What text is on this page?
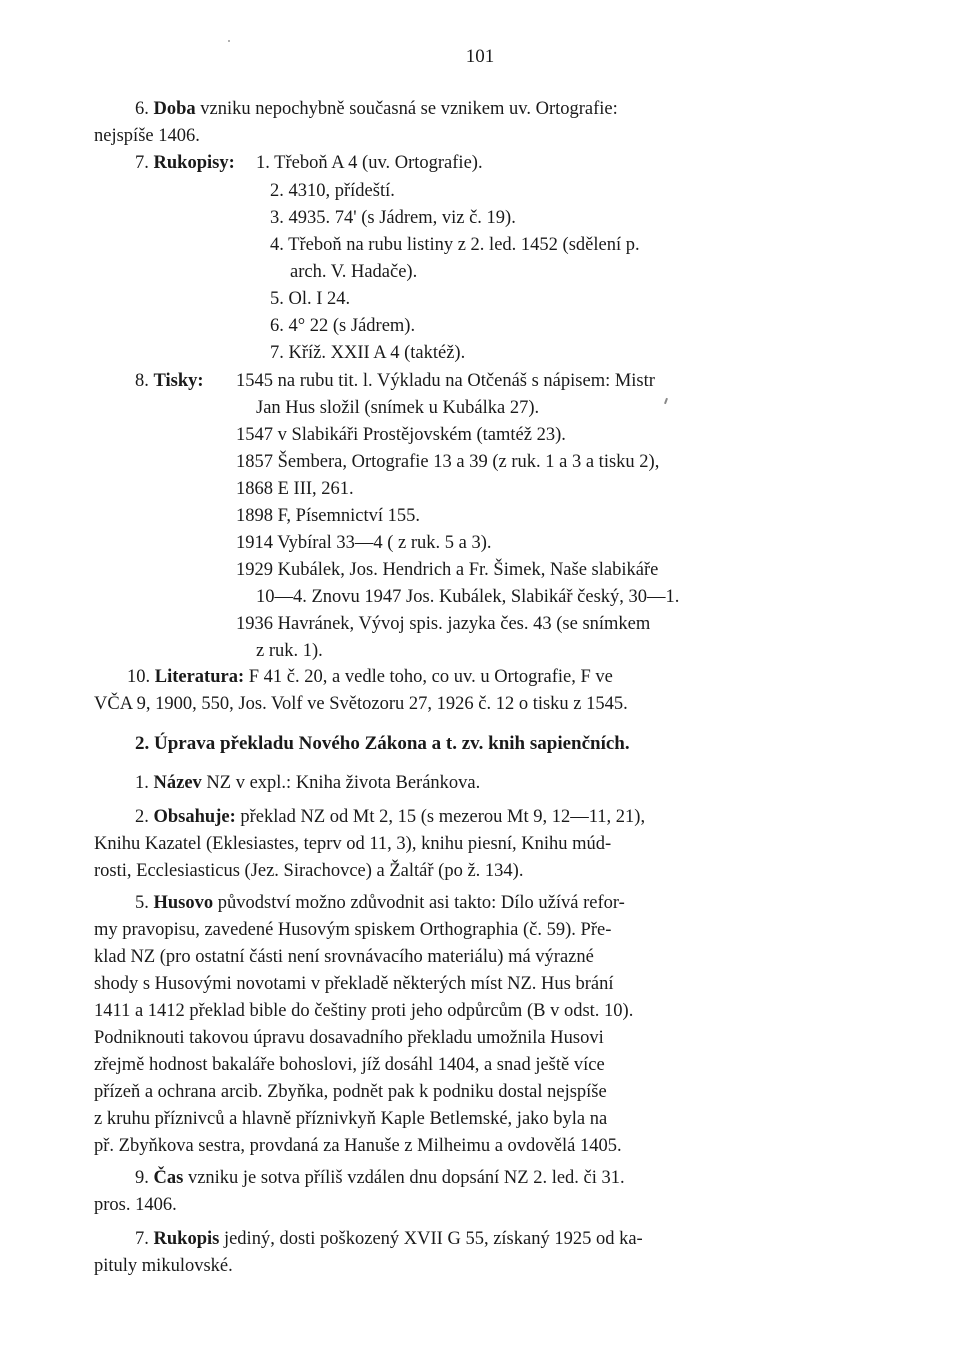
101
6. Doba vzniku nepochybně současná se vznikem uv. Ortografie:
nejspíše 1406.
7. Rukopisy: 1. Třeboň A 4 (uv. Ortografie).
2. 4310, přídeští.
3. 4935. 74' (s Jádrem, viz č. 19).
4. Třeboň na rubu listiny z 2. led. 1452 (sdělení p.
arch. V. Hadače).
5. Ol. I 24.
6. 4° 22 (s Jádrem).
7. Kříž. XXII A 4 (taktéž).
8. Tisky: 1545 na rubu tit. l. Výkladu na Otčenáš s nápisem: Mistr
Jan Hus složil (snímek u Kubálka 27).
1547 v Slabikáři Prostějovském (tamtéž 23).
1857 Šembera, Ortografie 13 a 39 (z ruk. 1 a 3 a tisku 2),
1868 E III, 261.
1898 F, Písemnictví 155.
1914 Vybíral 33—4 ( z ruk. 5 a 3).
1929 Kubálek, Jos. Hendrich a Fr. Šimek, Naše slabikáře
10—4. Znovu 1947 Jos. Kubálek, Slabikář český, 30—1.
1936 Havránek, Vývoj spis. jazyka čes. 43 (se snímkem
z ruk. 1).
10. Literatura: F 41 č. 20, a vedle toho, co uv. u Ortografie, F ve
VČA 9, 1900, 550, Jos. Volf ve Světozoru 27, 1926 č. 12 o tisku z 1545.
2. Úprava překladu Nového Zákona a t. zv. knih sapienčních.
1. Název NZ v expl.: Kniha života Beránkova.
2. Obsahuje: překlad NZ od Mt 2, 15 (s mezerou Mt 9, 12—11, 21),
Knihu Kazatel (Eklesiastes, teprv od 11, 3), knihu piesní, Knihu múd-
rosti, Ecclesiasticus (Jez. Sirachovce) a Žaltář (po ž. 134).
5. Husovo původství možno zdůvodnit asi takto: Dílo užívá refor-
my pravopisu, zavedené Husovým spiskem Orthographia (č. 59). Pře-
klad NZ (pro ostatní části není srovnávacího materiálu) má výrazné
shody s Husovými novotami v překladě některých míst NZ. Hus brání
1411 a 1412 překlad bible do češtiny proti jeho odpůrcům (B v odst. 10).
Podniknouti takovou úpravu dosavadního překladu umožnila Husovi
zřejmě hodnost bakaláře bohoslovi, jíž dosáhl 1404, a snad ještě více
přízeň a ochrana arcib. Zbyňka, podnět pak k podniku dostal nejspíše
z kruhu příznivců a hlavně příznivkyň Kaple Betlemské, jako byla na
př. Zbyňkova sestra, provdaná za Hanuše z Milheimu a ovdovělá 1405.
9. Čas vzniku je sotva příliš vzdálen dnu dopsání NZ 2. led. či 31.
pros. 1406.
7. Rukopis jediný, dosti poškozený XVII G 55, získaný 1925 od ka-
pituly mikulovské.
